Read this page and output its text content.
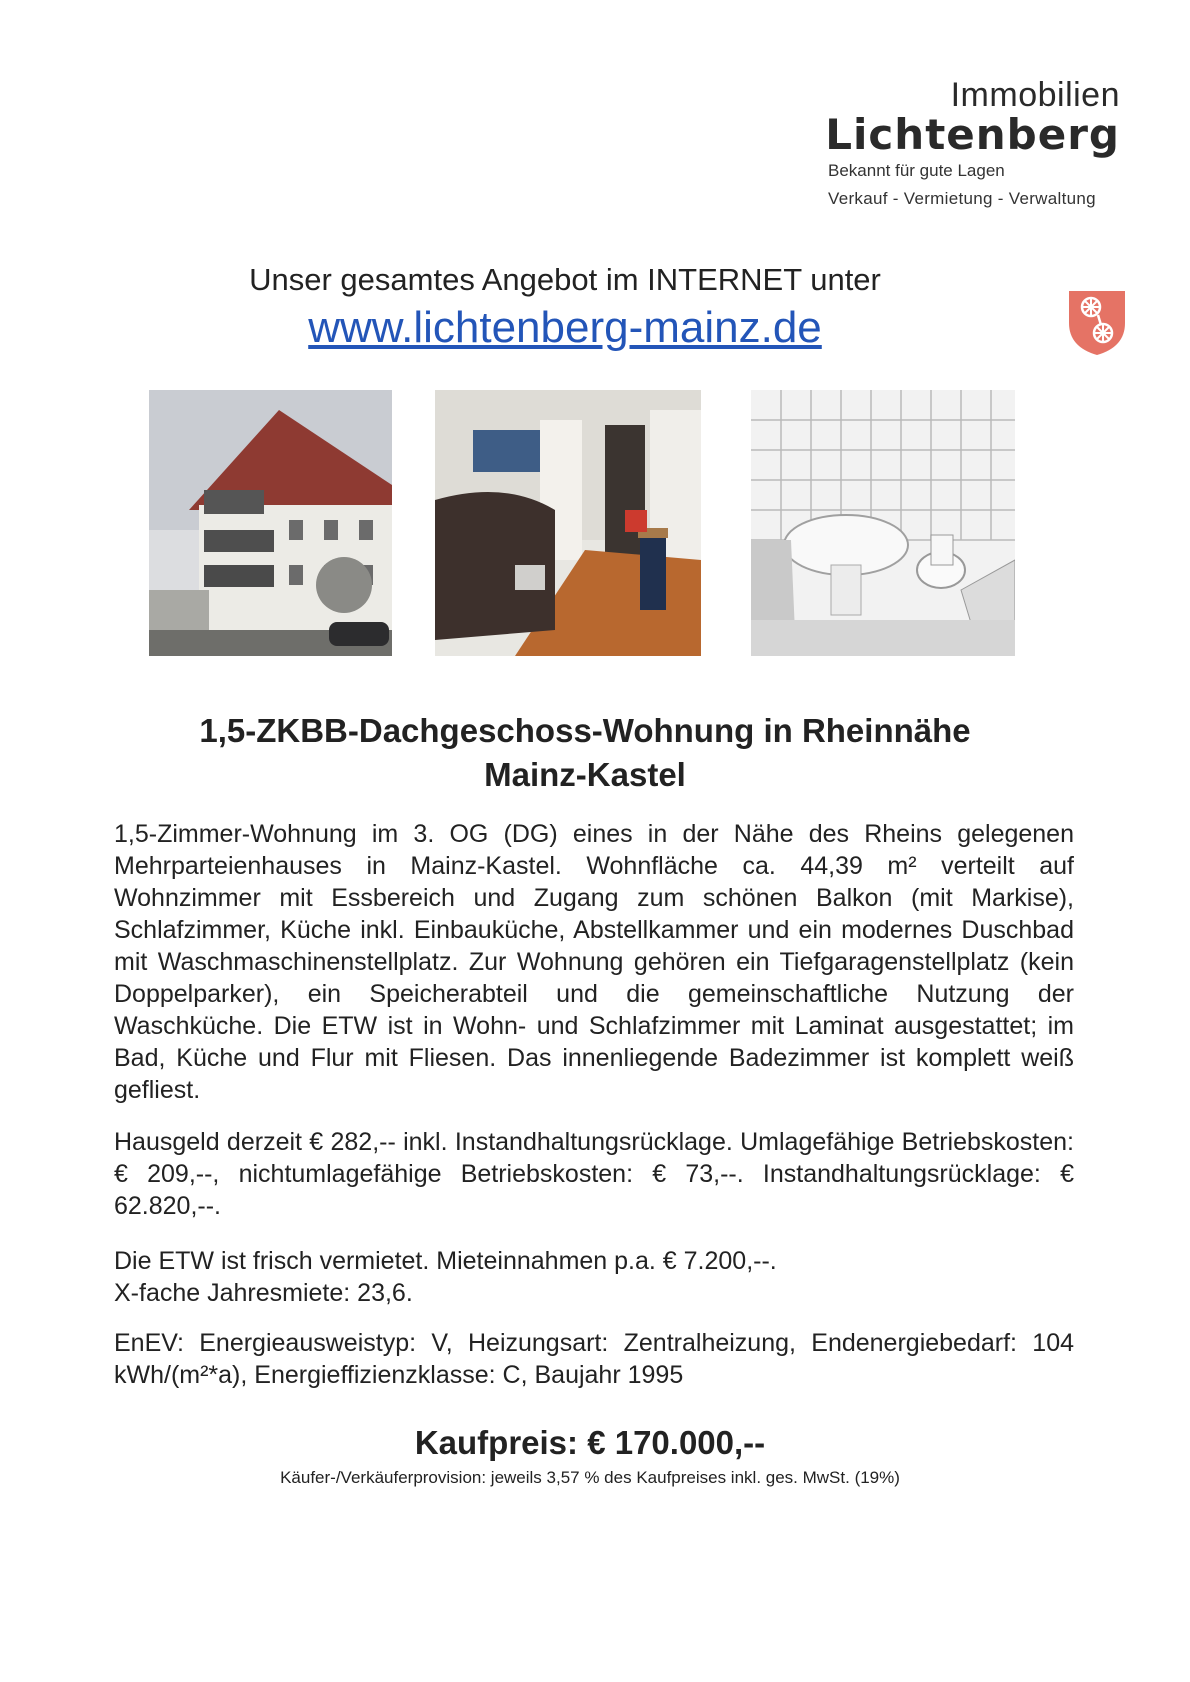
Immobilien
Lichtenberg
Bekannt für gute Lagen
Verkauf - Vermietung - Verwaltung
Unser gesamtes Angebot im INTERNET unter
www.lichtenberg-mainz.de
1,5-ZKBB-Dachgeschoss-Wohnung in Rheinnähe
Mainz-Kastel

1,5-Zimmer-Wohnung im 3. OG (DG) eines in der Nähe des Rheins gelegenen Mehrparteienhauses in Mainz-Kastel. Wohnfläche ca. 44,39 m² verteilt auf Wohnzimmer mit Essbereich und Zugang zum schönen Balkon (mit Markise), Schlafzimmer, Küche inkl. Einbauküche, Abstellkammer und ein modernes Duschbad mit Waschmaschinenstellplatz. Zur Wohnung gehören ein Tiefgaragenstellplatz (kein Doppelparker), ein Speicherabteil und die gemeinschaftliche Nutzung der Waschküche. Die ETW ist in Wohn- und Schlafzimmer mit Laminat ausgestattet; im Bad, Küche und Flur mit Fliesen. Das innenliegende Badezimmer ist komplett weiß gefliest.

Hausgeld derzeit € 282,-- inkl. Instandhaltungsrücklage. Umlagefähige Betriebskosten: € 209,--, nichtumlagefähige Betriebskosten: € 73,--. Instandhaltungsrücklage: € 62.820,--.

Die ETW ist frisch vermietet. Mieteinnahmen p.a. € 7.200,--.
X-fache Jahresmiete: 23,6.

EnEV: Energieausweistyp: V, Heizungsart: Zentralheizung, Endenergiebedarf: 104 kWh/(m²*a), Energieffizienzklasse: C, Baujahr 1995

Kaufpreis: € 170.000,--
Käufer-/Verkäuferprovision: jeweils 3,57 % des Kaufpreises inkl. ges. MwSt. (19%)
